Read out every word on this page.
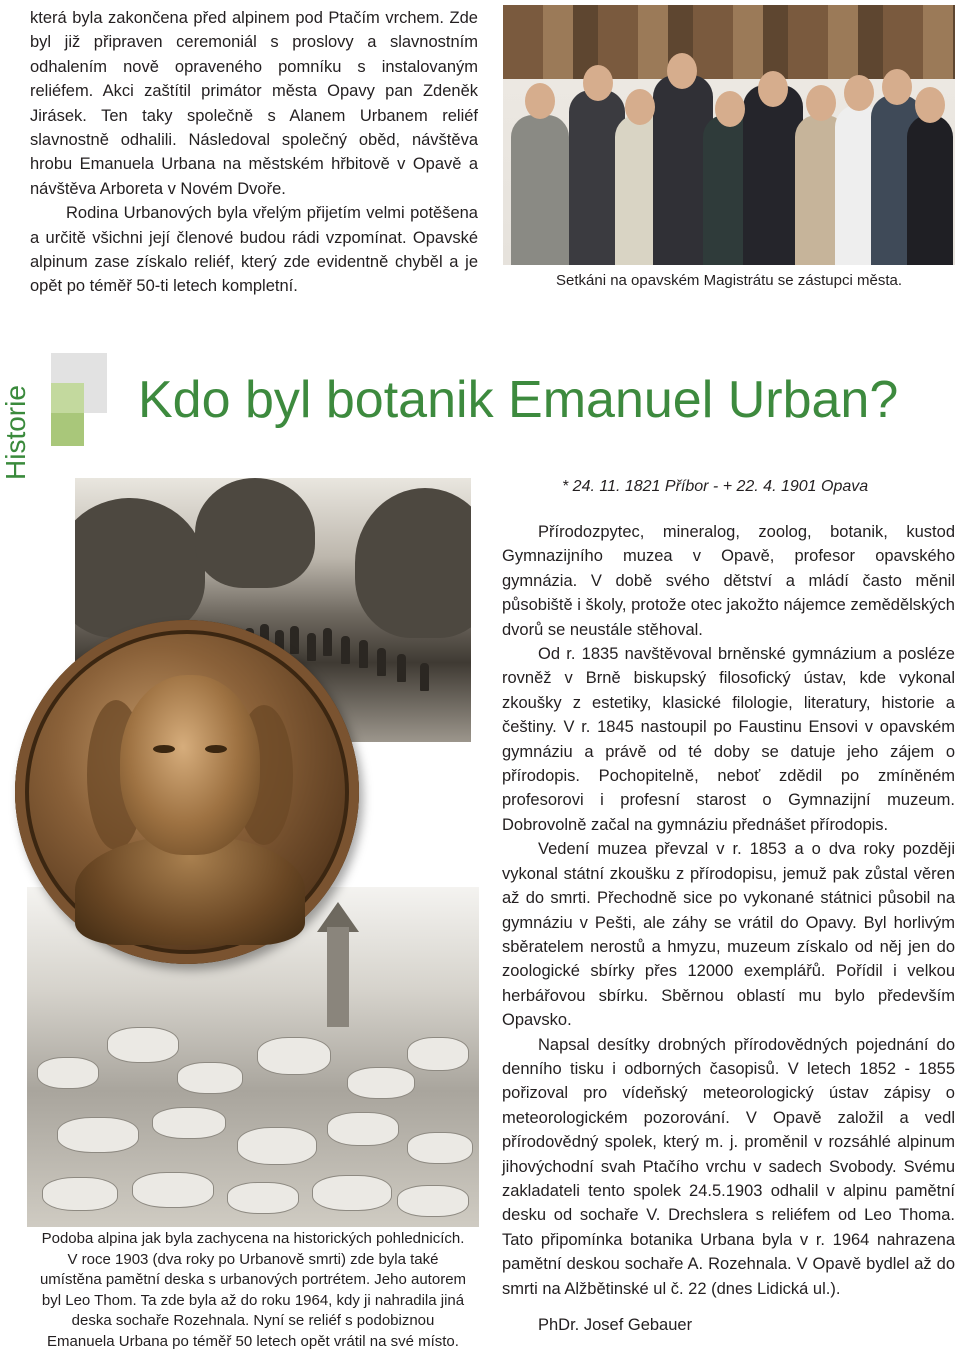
která byla zakončena před alpinem pod Ptačím vrchem. Zde byl již připraven ceremoniál s proslovy a slavnostním odhalením nově opraveného pomníku s instalovaným reliéfem. Akci zaštítil primátor města Opavy pan Zdeněk Jirásek. Ten taky společně s Alanem Urbanem reliéf slavnostně odhalili. Následoval společný oběd, návštěva hrobu Emanuela Urbana na městském hřbitově v Opavě a návštěva Arboreta v Novém Dvoře.

Rodina Urbanových byla vřelým přijetím velmi potěšena a určitě všichni její členové budou rádi vzpomínat. Opavské alpinum zase získalo reliéf, který zde evidentně chyběl a je opět po téměř 50-ti letech kompletní.	Setkáni na opavském Magistrátu se zástupci města.
Historie Kdo byl botanik Emanuel Urban?
* 24. 11. 1821 Příbor - + 22. 4. 1901 Opava

Přírodozpytec, mineralog, zoolog, botanik, kustod Gymnazijního muzea v Opavě, profesor opavského gymnázia. V době svého dětství a mládí často měnil působiště i školy, protože otec jakožto nájemce zemědělských dvorů se neustále stěhoval.

Od r. 1835 navštěvoval brněnské gymnázium a posléze rovněž v Brně biskupský filosofický ústav, kde vykonal zkoušky z estetiky, klasické filologie, literatury, historie a češtiny. V r. 1845 nastoupil po Faustinu Ensovi v opavském gymnáziu a právě od té doby se datuje jeho zájem o přírodopis. Pochopitelně, neboť zdědil po zmíněném profesorovi i profesní starost o Gymnazijní muzeum. Dobrovolně začal na gymnáziu přednášet přírodopis.

Vedení muzea převzal v r. 1853 a o dva roky později vykonal státní zkoušku z přírodopisu, jemuž pak zůstal věren až do smrti. Přechodně sice po vykonané státnici působil na gymnáziu v Pešti, ale záhy se vrátil do Opavy. Byl horlivým sběratelem nerostů a hmyzu, muzeum získalo od něj jen do zoologické sbírky přes 12000 exemplářů. Pořídil i velkou herbářovou sbírku. Sběrnou oblastí mu bylo především Opavsko.

Napsal desítky drobných přírodovědných pojednání do denního tisku i odborných časopisů. V letech 1852 - 1855 pořizoval pro vídeňský meteorologický ústav zápisy o meteorologickém pozorování. V Opavě založil a vedl přírodovědný spolek, který m. j. proměnil v rozsáhlé alpinum jihovýchodní svah Ptačího vrchu v sadech Svobody. Svému zakladateli tento spolek 24.5.1903 odhalil v alpinu pamětní desku od sochaře V. Drechslera s reliéfem od Leo Thoma. Tato připomínka botanika Urbana byla v r. 1964 nahrazena pamětní deskou sochaře A. Rozehnala. V Opavě bydlel až do smrti na Alžbětinské ul č. 22 (dnes Lidická ul.).

PhDr. Josef Gebauer

Podoba alpina jak byla zachycena na historických pohlednicích. V roce 1903 (dva roky po Urbanově smrti) zde byla také umístěna pamětní deska s urbanových portrétem. Jeho autorem byl Leo Thom. Ta zde byla až do roku 1964, kdy ji nahradila jiná deska sochaře Rozehnala. Nyní se reliéf s podobiznou Emanuela Urbana po téměř 50 letech opět vrátil na své místo.
